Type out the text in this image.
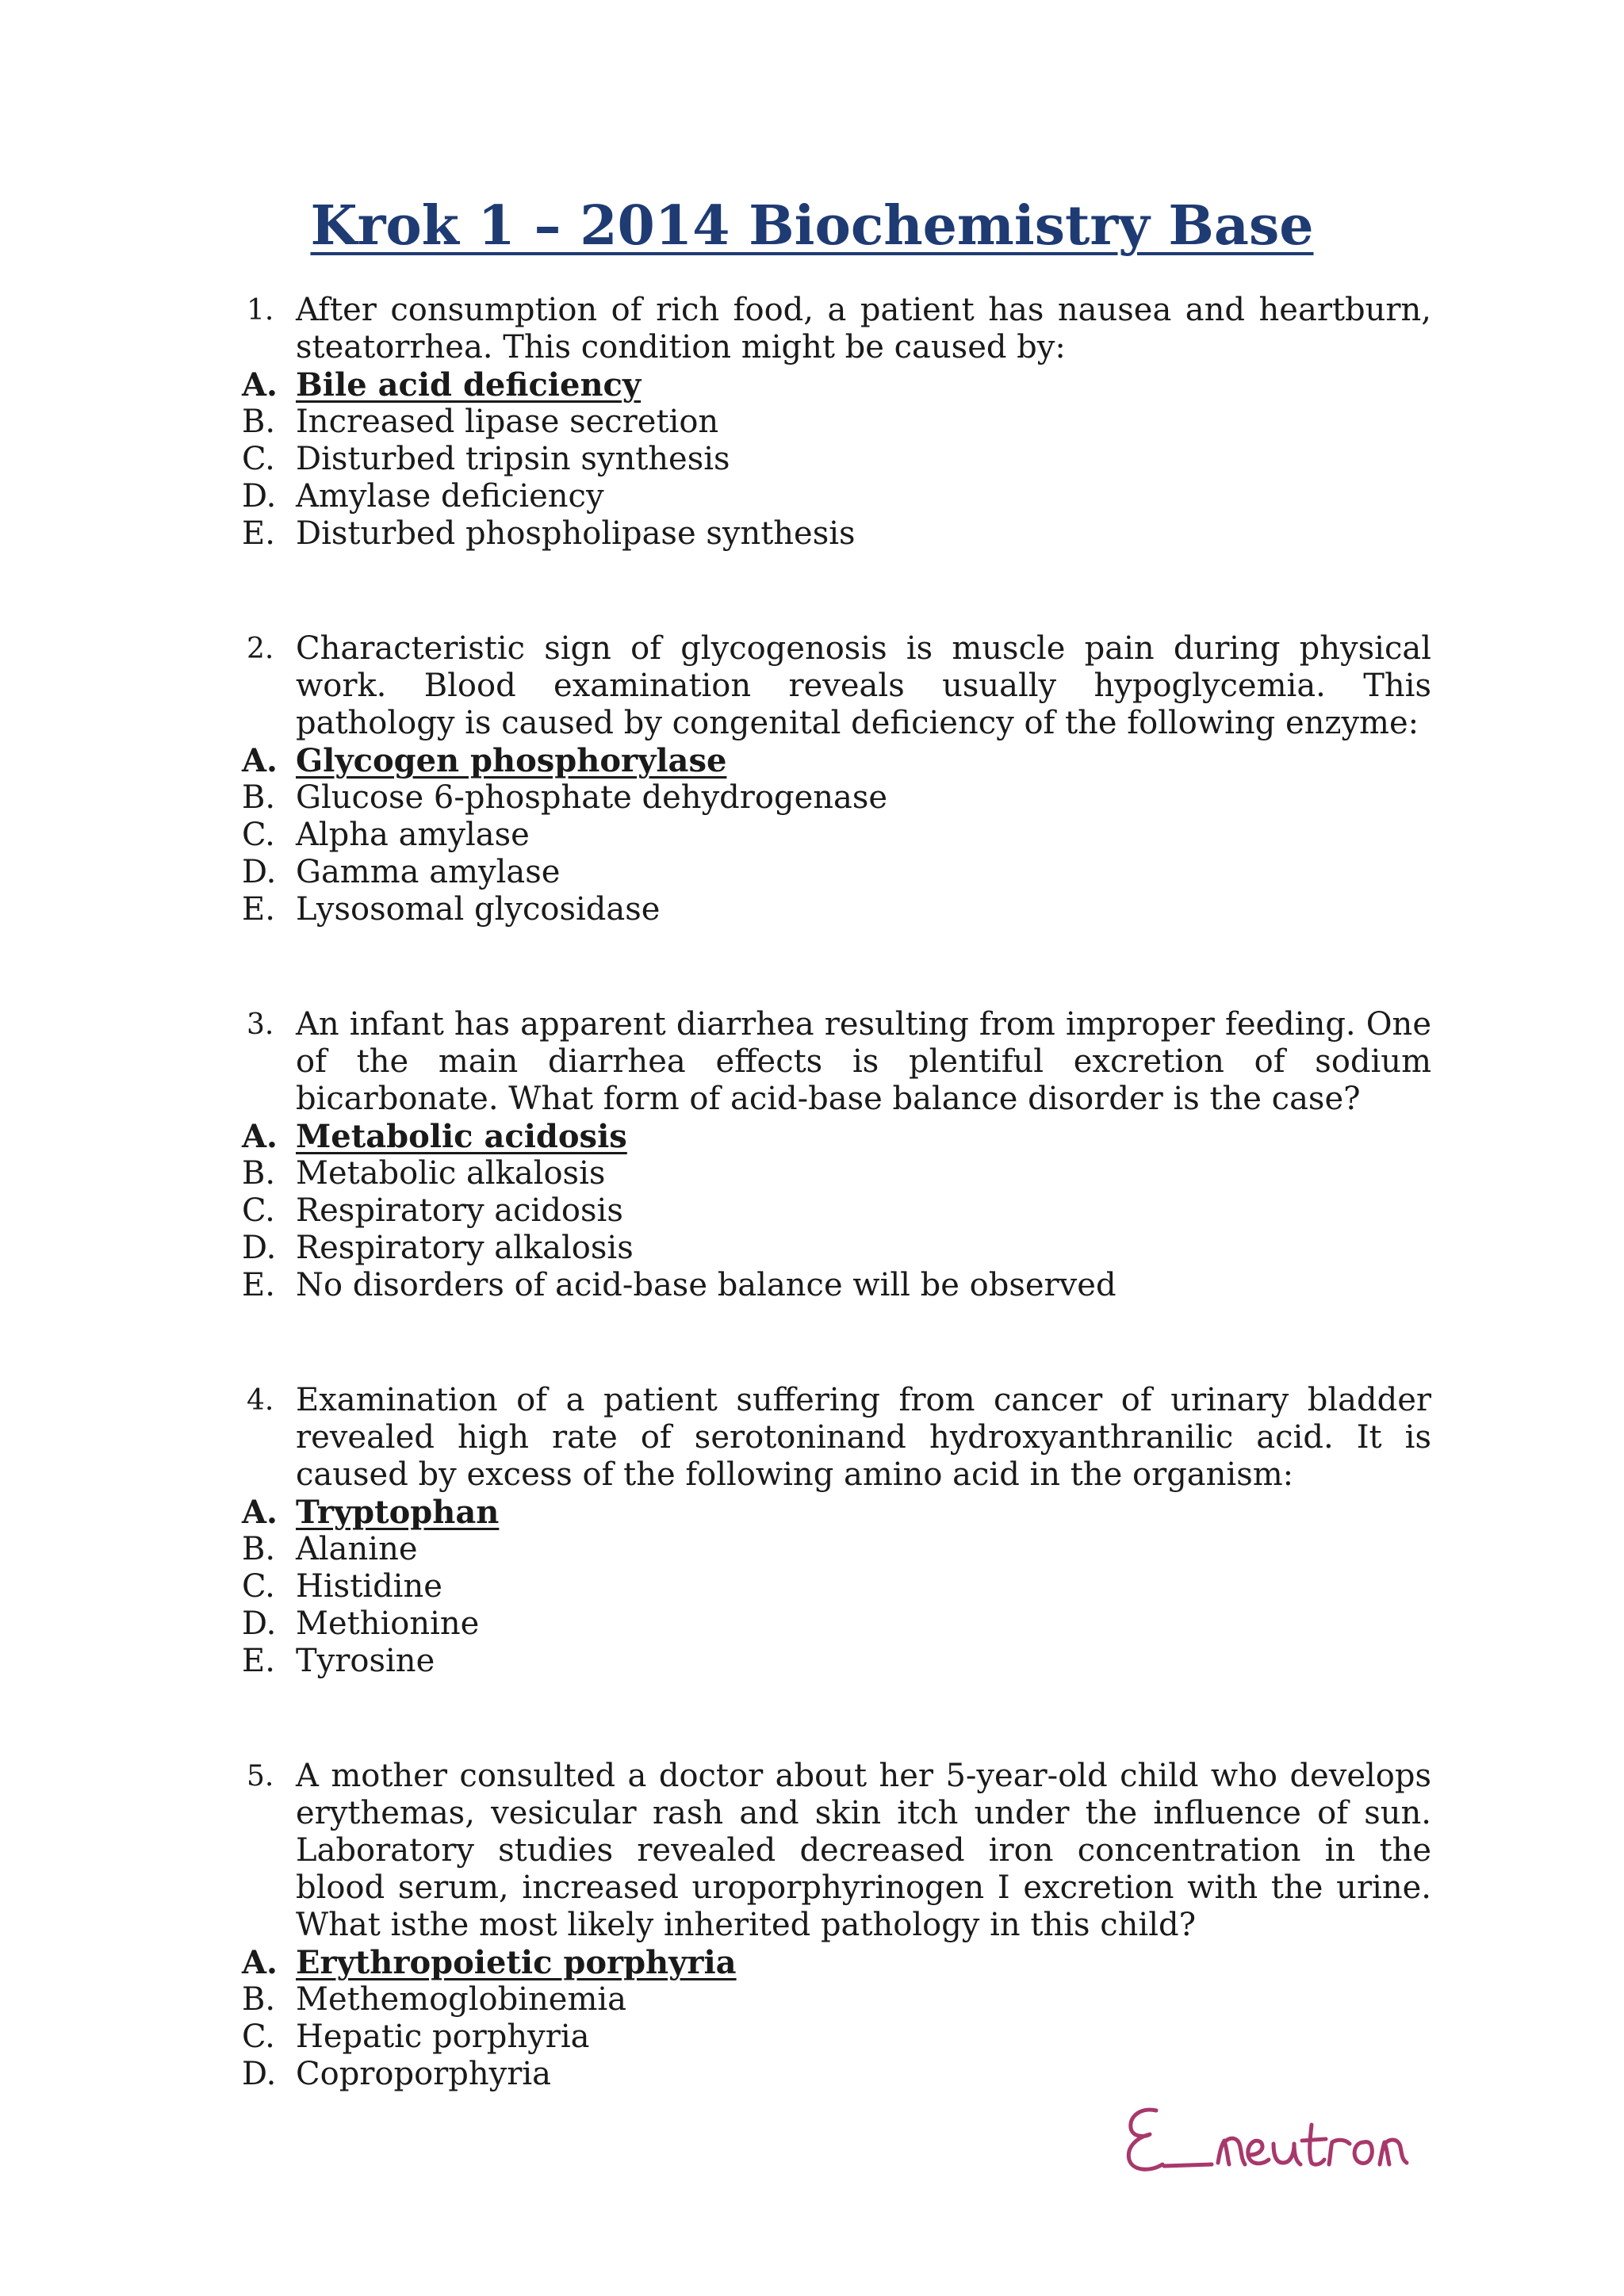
Krok 1 – 2014 Biochemistry Base
1. After consumption of rich food, a patient has nausea and heartburn, steatorrhea. This condition might be caused by:
A. Bile acid deficiency
B. Increased lipase secretion
C. Disturbed tripsin synthesis
D. Amylase deficiency
E. Disturbed phospholipase synthesis
2. Characteristic sign of glycogenosis is muscle pain during physical work. Blood examination reveals usually hypoglycemia. This pathology is caused by congenital deficiency of the following enzyme:
A. Glycogen phosphorylase
B. Glucose 6-phosphate dehydrogenase
C. Alpha amylase
D. Gamma amylase
E. Lysosomal glycosidase
3. An infant has apparent diarrhea resulting from improper feeding. One of the main diarrhea effects is plentiful excretion of sodium bicarbonate. What form of acid-base balance disorder is the case?
A. Metabolic acidosis
B. Metabolic alkalosis
C. Respiratory acidosis
D. Respiratory alkalosis
E. No disorders of acid-base balance will be observed
4. Examination of a patient suffering from cancer of urinary bladder revealed high rate of serotoninand hydroxyanthranilic acid. It is caused by excess of the following amino acid in the organism:
A. Tryptophan
B. Alanine
C. Histidine
D. Methionine
E. Tyrosine
5. A mother consulted a doctor about her 5-year-old child who develops erythemas, vesicular rash and skin itch under the influence of sun. Laboratory studies revealed decreased iron concentration in the blood serum, increased uroporphyrinogen I excretion with the urine. What isthe most likely inherited pathology in this child?
A. Erythropoietic porphyria
B. Methemoglobinemia
C. Hepatic porphyria
D. Coproporphyria
